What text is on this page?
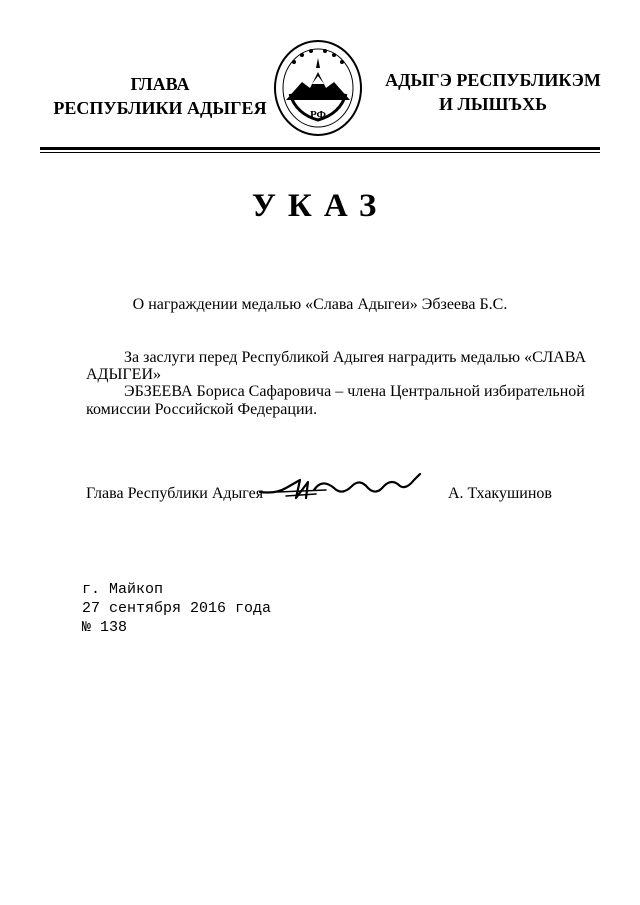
ГЛАВА
РЕСПУБЛИКИ АДЫГЕЯ	РФ
АДЫГЭ РЕСПУБЛИКЭМ
И ЛЫШЪХЬ
УКАЗ
О награждении медалью «Слава Адыгеи» Эбзеева Б.С.
За заслуги перед Республикой Адыгея наградить медалью «СЛАВА
АДЫГЕИ»
ЭБЗЕЕВА Бориса Сафаровича – члена Центральной избирательной
комиссии Российской Федерации.
Глава Республики Адыгея	А. Тхакушинов
г. Майкоп
27 сентября 2016 года
№ 138
